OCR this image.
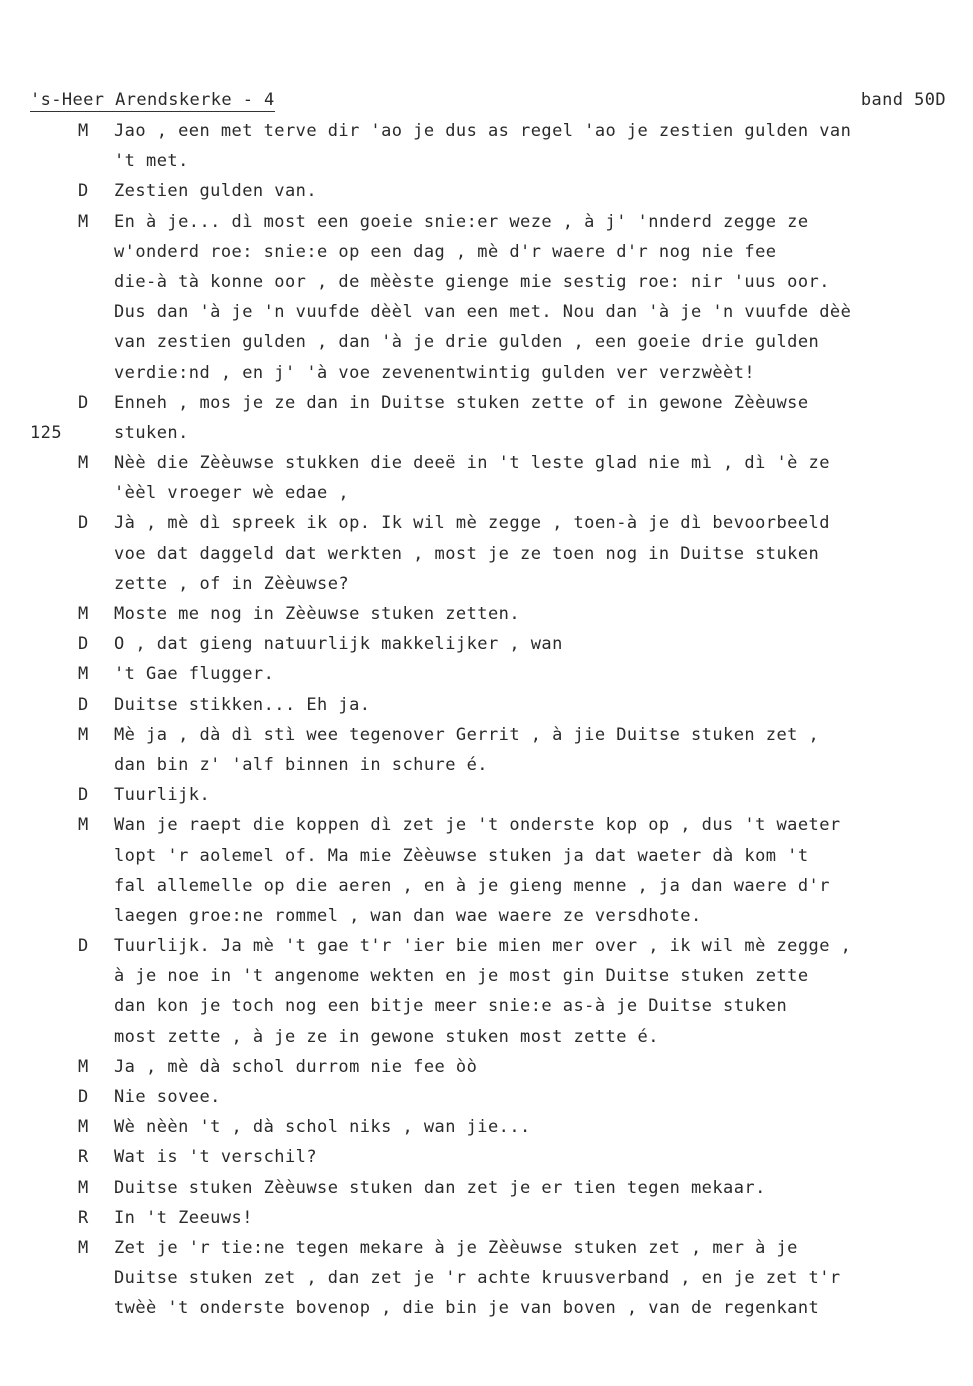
's-Heer Arendskerke - 4	band 50D
M Jao , een met terve dir 'ao je dus as regel 'ao je zestien gulden van
't met.
D Zestien gulden van.
M En à je... dì most een goeie snie:er weze , à j' 'nnderd zegge ze
w'onderd roe: snie:e op een dag , mè d'r waere d'r nog nie fee
die-à tà konne oor , de mèèste gienge mie sestig roe: nir 'uus oor.
Dus dan 'à je 'n vuufde dèèl van een met. Nou dan 'à je 'n vuufde dèè
van zestien gulden , dan 'à je drie gulden , een goeie drie gulden
verdie:nd , en j' 'à voe zevenentwintig gulden ver verzwèèt!
D Enneh , mos je ze dan in Duitse stuken zette of in gewone Zèèuwse
125	stuken.
M Nèè die Zèèuwse stukken die deeë in 't leste glad nie mì , dì 'è ze
'èèl vroeger wè edae ,
D Jà , mè dì spreek ik op. Ik wil mè zegge , toen-à je dì bevoorbeeld
voe dat daggeld dat werkten , most je ze toen nog in Duitse stuken
zette , of in Zèèuwse?
M Moste me nog in Zèèuwse stuken zetten.
D O , dat gieng natuurlijk makkelijker , wan
M 't Gae flugger.
D Duitse stikken... Eh ja.
M Mè ja , dà dì stì wee tegenover Gerrit , à jie Duitse stuken zet ,
dan bin z' 'alf binnen in schure é.
D Tuurlijk.
M Wan je raept die koppen dì zet je 't onderste kop op , dus 't waeter
lopt 'r aolemel of. Ma mie Zèèuwse stuken ja dat waeter dà kom 't
fal allemelle op die aeren , en à je gieng menne , ja dan waere d'r
laegen groe:ne rommel , wan dan wae waere ze versdhote.
D Tuurlijk. Ja mè 't gae t'r 'ier bie mien mer over , ik wil mè zegge ,
à je noe in 't angenome wekten en je most gin Duitse stuken zette
dan kon je toch nog een bitje meer snie:e as-à je Duitse stuken
most zette , à je ze in gewone stuken most zette é.
M Ja , mè dà schol durrom nie fee òò
D Nie sovee.
M Wè nèèn 't , dà schol niks , wan jie...
R Wat is 't verschil?
M Duitse stuken Zèèuwse stuken dan zet je er tien tegen mekaar.
R In 't Zeeuws!
M Zet je 'r tie:ne tegen mekare à je Zèèuwse stuken zet , mer à je
Duitse stuken zet , dan zet je 'r achte kruusverband , en je zet t'r
twèè 't onderste bovenop , die bin je van boven , van de regenkant
